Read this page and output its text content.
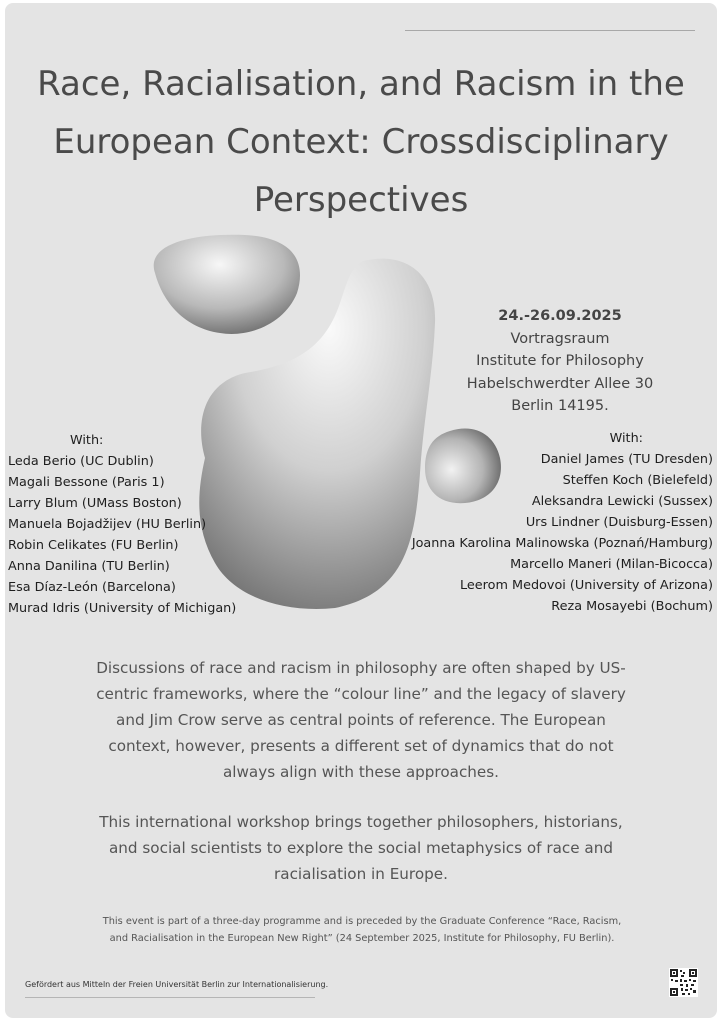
Race, Racialisation, and Racism in the
European Context: Crossdisciplinary
Perspectives
24.-26.09.2025
Vortragsraum
Institute for Philosophy
Habelschwerdter Allee 30
Berlin 14195.
With:
Leda Berio (UC Dublin)
Magali Bessone (Paris 1)
Larry Blum (UMass Boston)
Manuela Bojadžijev (HU Berlin)
Robin Celikates (FU Berlin)
Anna Danilina (TU Berlin)
Esa Díaz-León (Barcelona)
Murad Idris (University of Michigan)
With:
Daniel James (TU Dresden)
Steffen Koch (Bielefeld)
Aleksandra Lewicki (Sussex)
Urs Lindner (Duisburg-Essen)
Joanna Karolina Malinowska (Poznań/Hamburg)
Marcello Maneri (Milan-Bicocca)
Leerom Medovoi (University of Arizona)
Reza Mosayebi (Bochum)
Discussions of race and racism in philosophy are often shaped by US-
centric frameworks, where the “colour line” and the legacy of slavery
and Jim Crow serve as central points of reference. The European
context, however, presents a different set of dynamics that do not
always align with these approaches.
This international workshop brings together philosophers, historians,
and social scientists to explore the social metaphysics of race and
racialisation in Europe.
This event is part of a three-day programme and is preceded by the Graduate Conference “Race, Racism,
and Racialisation in the European New Right” (24 September 2025, Institute for Philosophy, FU Berlin).
Gefördert aus Mitteln der Freien Universität Berlin zur Internationalisierung.
